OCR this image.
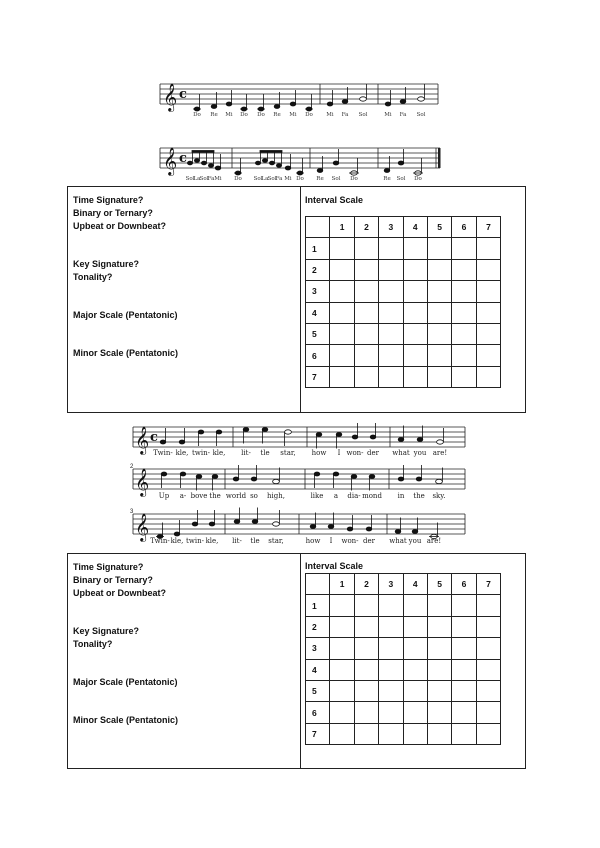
𝄞 c
Do Re Mi Do Do Re Mi Do Mi Fa Sol	Mi Fa Sol
𝄞 c
Sol La Sol Fa Mi Do Sol La Sol Fa Mi Do Re Sol Do	Re Sol Do
Time Signature?
Binary or Ternary?
Upbeat or Downbeat?
Key Signature?
Tonality?
Major Scale (Pentatonic)
Minor Scale (Pentatonic)
Interval Scale
	1	2	3	4	5	6	7
1							
2							
3							
4							
5							
6							
7							
𝄞 c
𝄞
𝄞
2
3
Twin- kle, twin- kle, lit- tle star, how I won- der what you are!
Up a- bove the world so high,	like a dia- mond in the sky.
Twin- kle, twin- kle, lit- tle star,	how I won- der what you are!
Time Signature?
Binary or Ternary?
Upbeat or Downbeat?
Key Signature?
Tonality?
Major Scale (Pentatonic)
Minor Scale (Pentatonic)
Interval Scale
	1	2	3	4	5	6	7
1							
2							
3							
4							
5							
6							
7							
